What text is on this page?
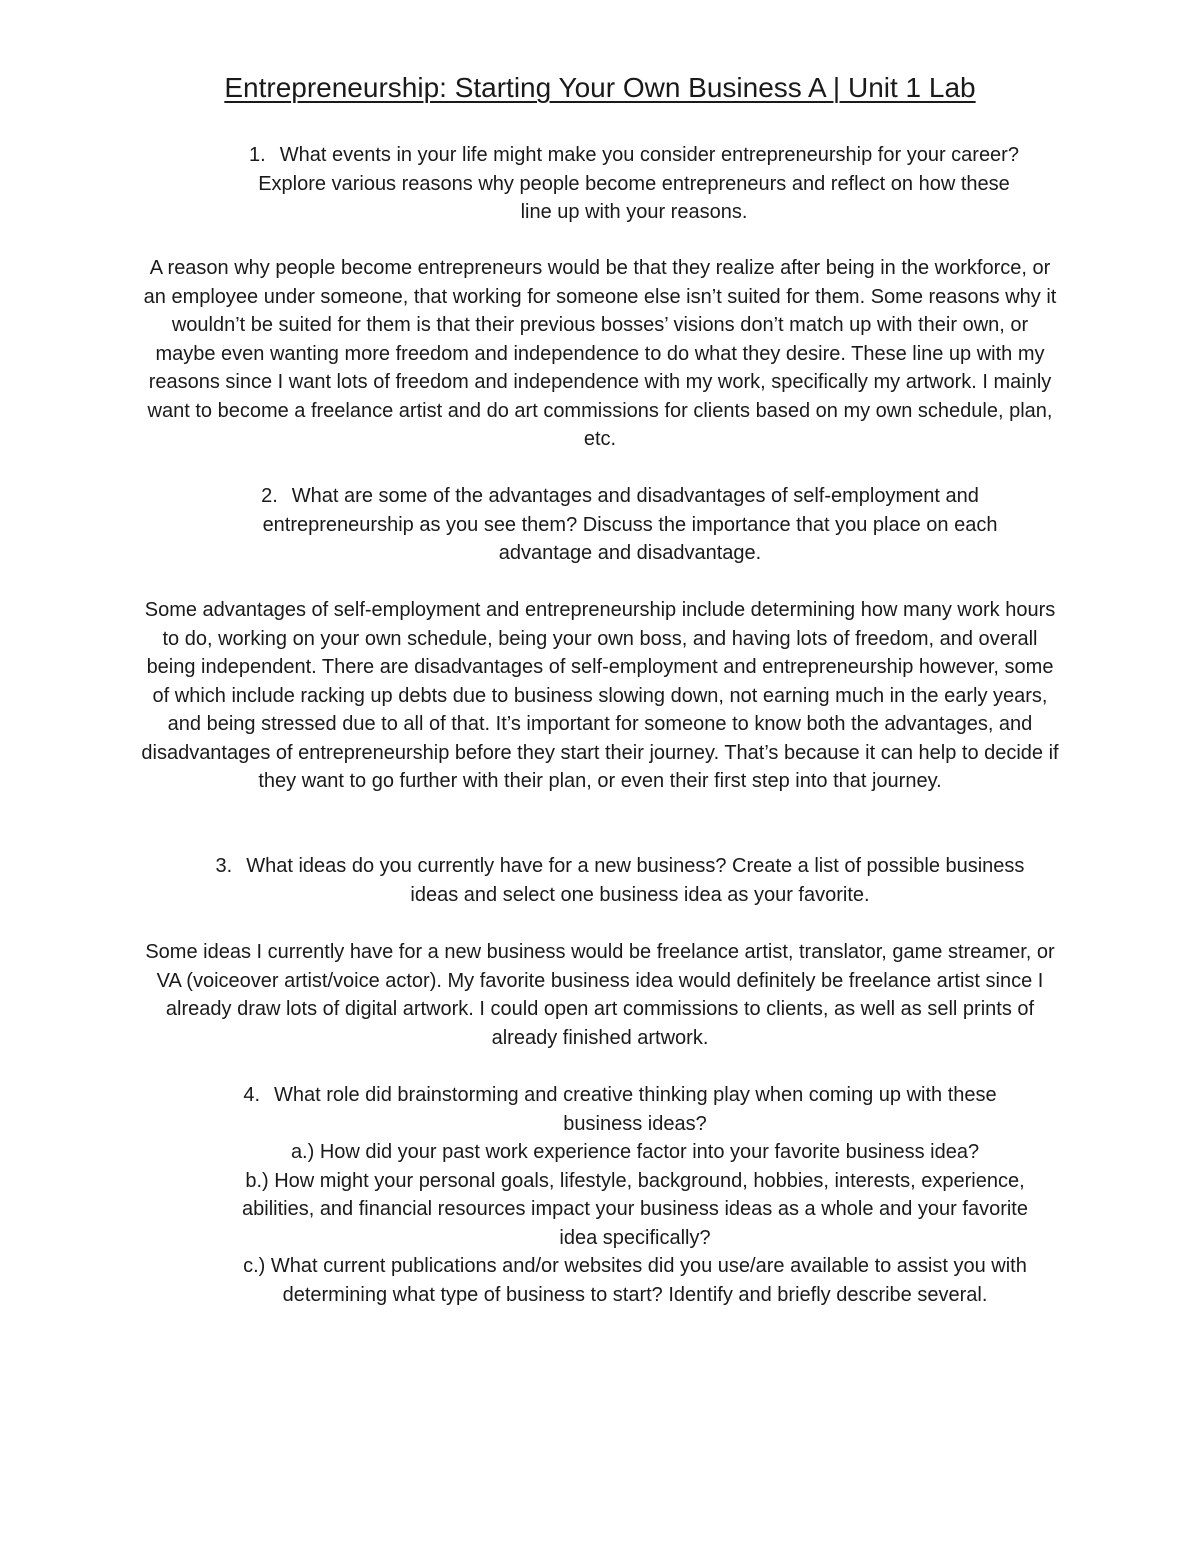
Entrepreneurship: Starting Your Own Business A | Unit 1 Lab
1. What events in your life might make you consider entrepreneurship for your career?
Explore various reasons why people become entrepreneurs and reflect on how these
line up with your reasons.

A reason why people become entrepreneurs would be that they realize after being in the workforce, or an employee under someone, that working for someone else isn’t suited for them. Some reasons why it wouldn’t be suited for them is that their previous bosses’ visions don’t match up with their own, or maybe even wanting more freedom and independence to do what they desire. These line up with my reasons since I want lots of freedom and independence with my work, specifically my artwork. I mainly want to become a freelance artist and do art commissions for clients based on my own schedule, plan, etc.

2. What are some of the advantages and disadvantages of self-employment and
entrepreneurship as you see them? Discuss the importance that you place on each
advantage and disadvantage.

Some advantages of self-employment and entrepreneurship include determining how many work hours to do, working on your own schedule, being your own boss, and having lots of freedom, and overall being independent. There are disadvantages of self-employment and entrepreneurship however, some of which include racking up debts due to business slowing down, not earning much in the early years, and being stressed due to all of that. It’s important for someone to know both the advantages, and disadvantages of entrepreneurship before they start their journey. That’s because it can help to decide if they want to go further with their plan, or even their first step into that journey.

3. What ideas do you currently have for a new business? Create a list of possible business
ideas and select one business idea as your favorite.

Some ideas I currently have for a new business would be freelance artist, translator, game streamer, or VA (voiceover artist/voice actor). My favorite business idea would definitely be freelance artist since I already draw lots of digital artwork. I could open art commissions to clients, as well as sell prints of already finished artwork.

4. What role did brainstorming and creative thinking play when coming up with these
business ideas?
a.) How did your past work experience factor into your favorite business idea?
b.) How might your personal goals, lifestyle, background, hobbies, interests, experience,
abilities, and financial resources impact your business ideas as a whole and your favorite
idea specifically?
c.) What current publications and/or websites did you use/are available to assist you with
determining what type of business to start? Identify and briefly describe several.
